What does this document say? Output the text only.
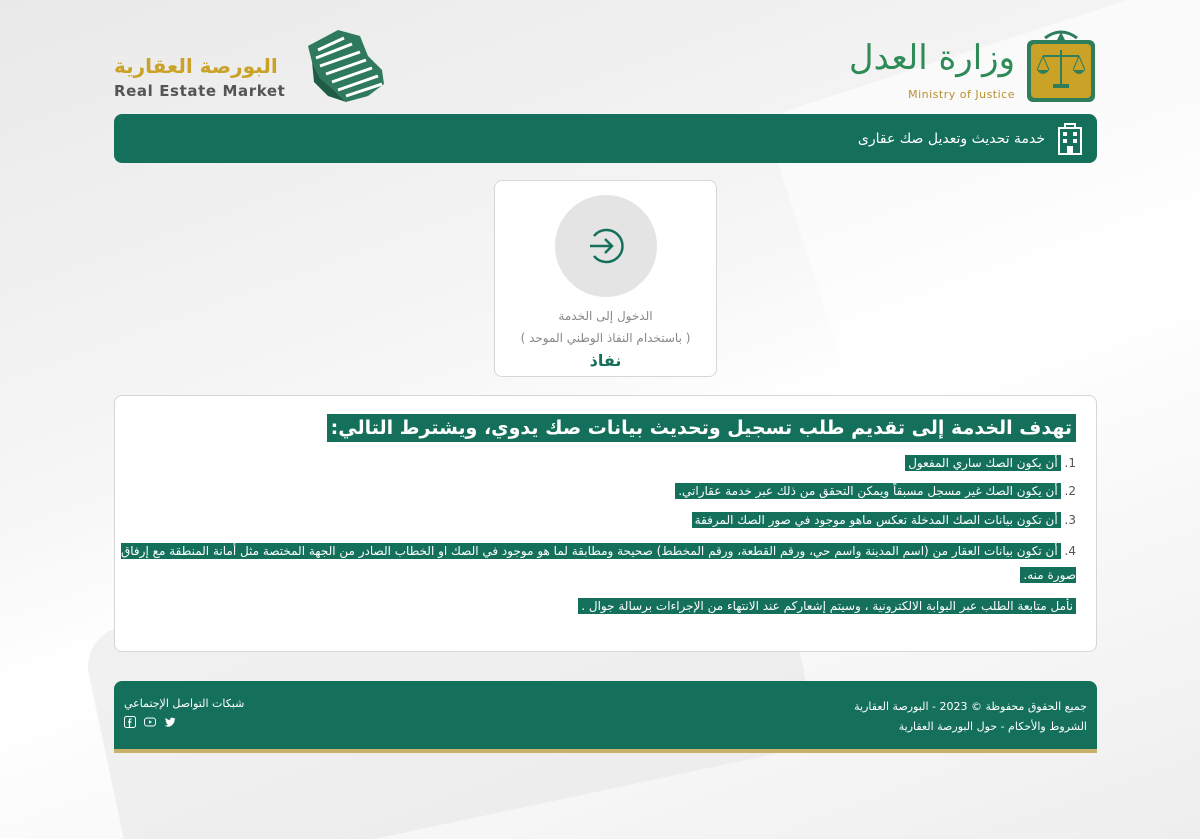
البورصة العقارية
Real Estate Market
وزارة العدل
Ministry of Justice
خدمة تحديث وتعديل صك عقارى
الدخول إلى الخدمة
( باستخدام النفاذ الوطني الموحد )
نفاذ
تهدف الخدمة إلى تقديم طلب تسجيل وتحديث بيانات صك يدوي، ويشترط التالي:
1. أن يكون الصك ساري المفعول
2. أن يكون الصك غير مسجل مسبقاً ويمكن التحقق من ذلك عبر خدمة عقاراتي.
3. أن تكون بيانات الصك المدخلة تعكس ماهو موجود في صور الصك المرفقة
4. أن تكون بيانات العقار من (اسم المدينة واسم حي، ورقم القطعة، ورقم المخطط) صحيحة ومطابقة لما هو موجود في الصك او الخطاب الصادر من الجهة المختصة مثل أمانة المنطقة مع إرفاق صورة منه.
نأمل متابعة الطلب عبر البوابة الالكترونية ، وسيتم إشعاركم عند الانتهاء من الإجراءات برسالة جوال .
جميع الحقوق محفوظة © 2023 - البورصة العقارية
الشروط والأحكام - حول البورصة العقارية
شبكات التواصل الإجتماعي
